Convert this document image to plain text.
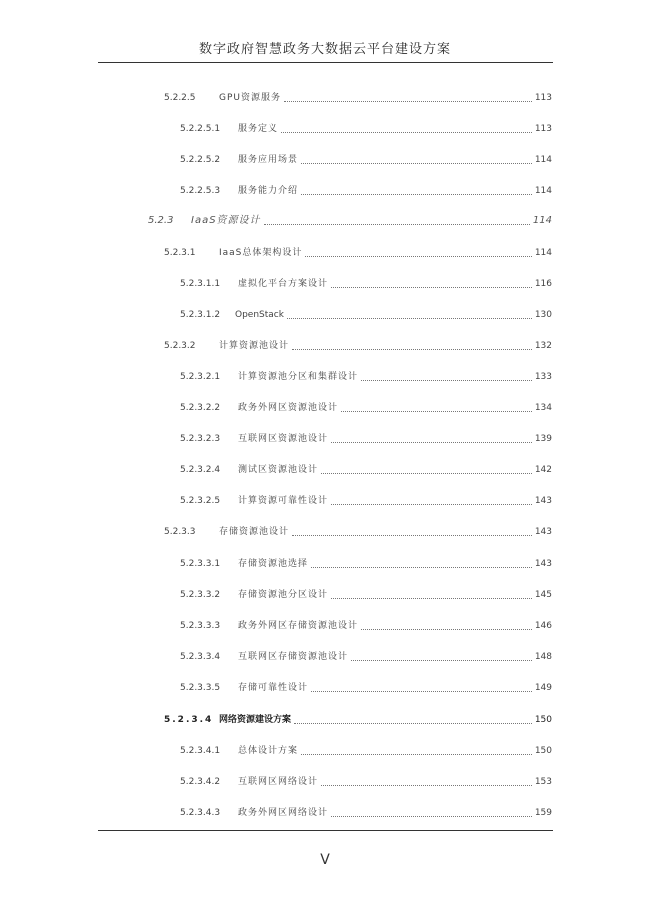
数字政府智慧政务大数据云平台建设方案
5.2.2.5	GPU资源服务	113
5.2.2.5.1	服务定义	113
5.2.2.5.2	服务应用场景	114
5.2.2.5.3	服务能力介绍	114
5.2.3	IaaS资源设计	114
5.2.3.1	IaaS总体架构设计	114
5.2.3.1.1	虚拟化平台方案设计	116
5.2.3.1.2	OpenStack	130
5.2.3.2	计算资源池设计	132
5.2.3.2.1	计算资源池分区和集群设计	133
5.2.3.2.2	政务外网区资源池设计	134
5.2.3.2.3	互联网区资源池设计	139
5.2.3.2.4	测试区资源池设计	142
5.2.3.2.5	计算资源可靠性设计	143
5.2.3.3	存储资源池设计	143
5.2.3.3.1	存储资源池选择	143
5.2.3.3.2	存储资源池分区设计	145
5.2.3.3.3	政务外网区存储资源池设计	146
5.2.3.3.4	互联网区存储资源池设计	148
5.2.3.3.5	存储可靠性设计	149
5.2.3.4 网络资源建设方案	150
5.2.3.4.1	总体设计方案	150
5.2.3.4.2	互联网区网络设计	153
5.2.3.4.3	政务外网区网络设计	159
V
